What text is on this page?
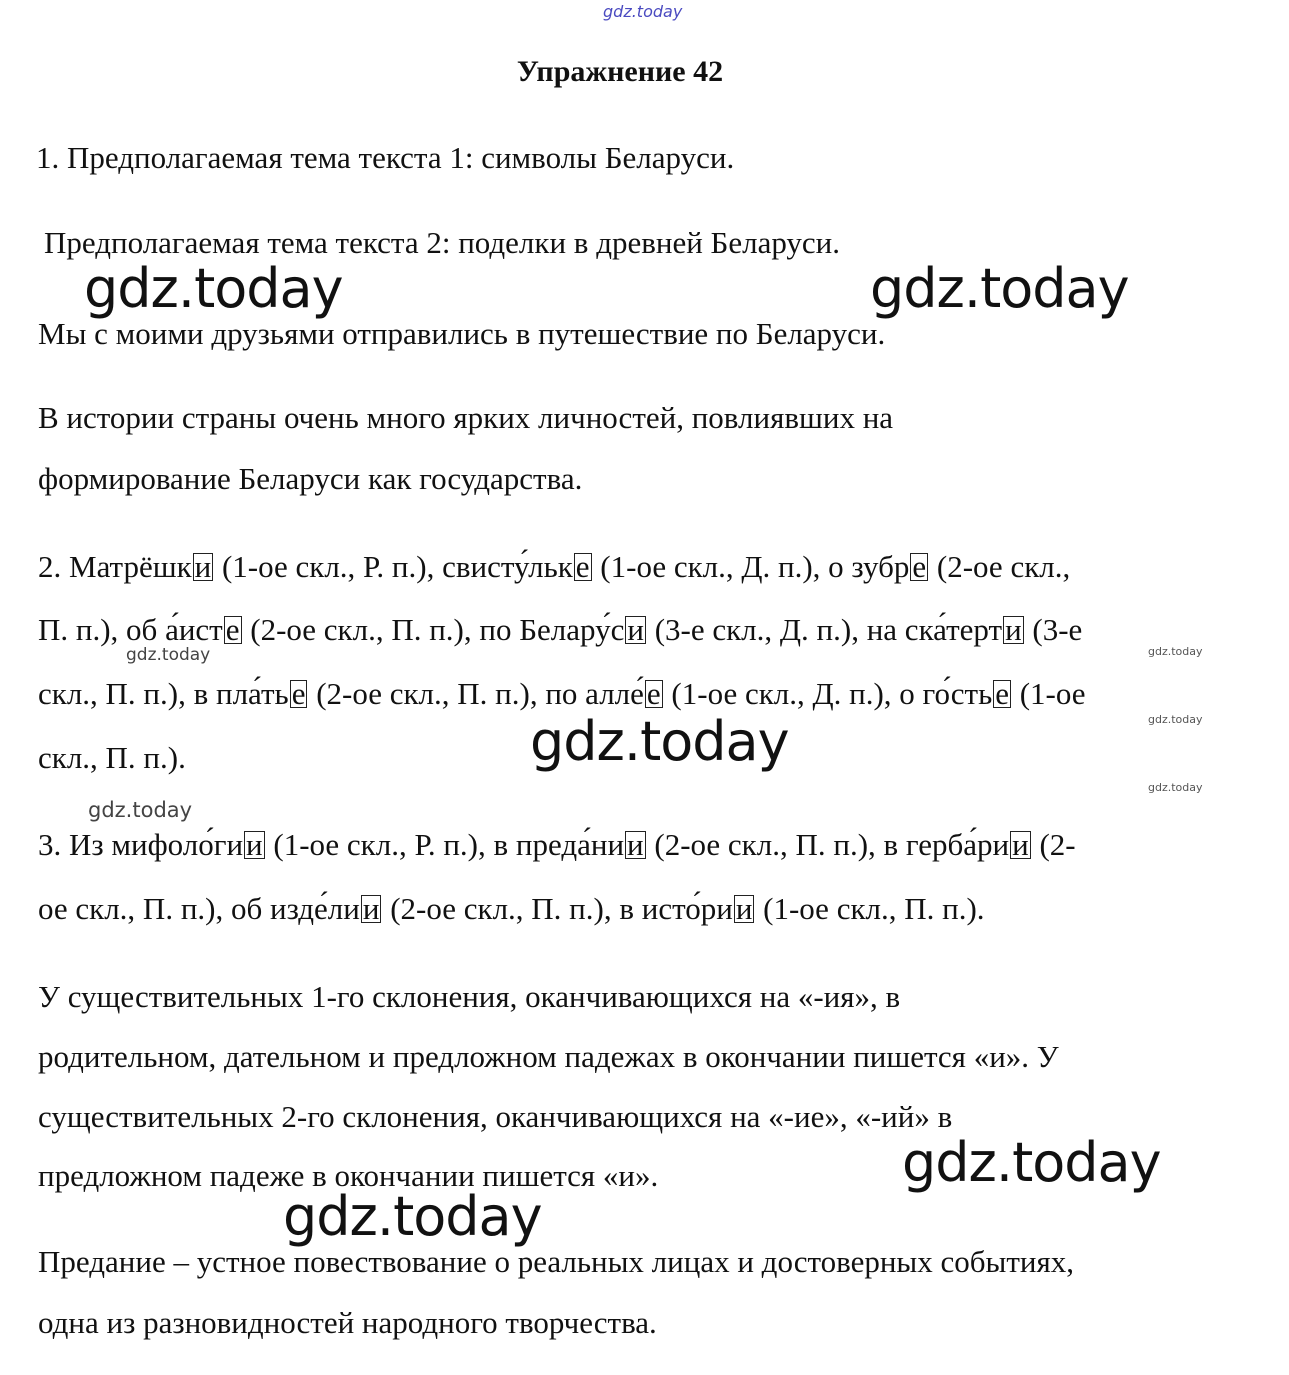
gdz.today
Упражнение 42
1. Предполагаемая тема текста 1: символы Беларуси.
Предполагаемая тема текста 2: поделки в древней Беларуси.
Мы с моими друзьями отправились в путешествие по Беларуси.
В истории страны очень много ярких личностей, повлиявших на
формирование Беларуси как государства.
2. Матрёшки (1-ое скл., Р. п.), свисту́льке (1-ое скл., Д. п.), о зубре (2-ое скл.,
П. п.), об а́исте (2-ое скл., П. п.), по Белару́си (3-е скл., Д. п.), на ска́терти (3-е
скл., П. п.), в пла́тье (2-ое скл., П. п.), по алле́е (1-ое скл., Д. п.), о го́стье (1-ое
скл., П. п.).
3. Из мифоло́гии (1-ое скл., Р. п.), в преда́нии (2-ое скл., П. п.), в герба́рии (2-
ое скл., П. п.), об изде́лии (2-ое скл., П. п.), в исто́рии (1-ое скл., П. п.).
У существительных 1-го склонения, оканчивающихся на «-ия», в
родительном, дательном и предложном падежах в окончании пишется «и». У
существительных 2-го склонения, оканчивающихся на «-ие», «-ий» в
предложном падеже в окончании пишется «и».
Предание – устное повествование о реальных лицах и достоверных событиях,
одна из разновидностей народного творчества.
gdz.today	gdz.today
gdz.today
gdz.today
gdz.today
gdz.today
gdz.today
gdz.today
gdz.today
gdz.today
